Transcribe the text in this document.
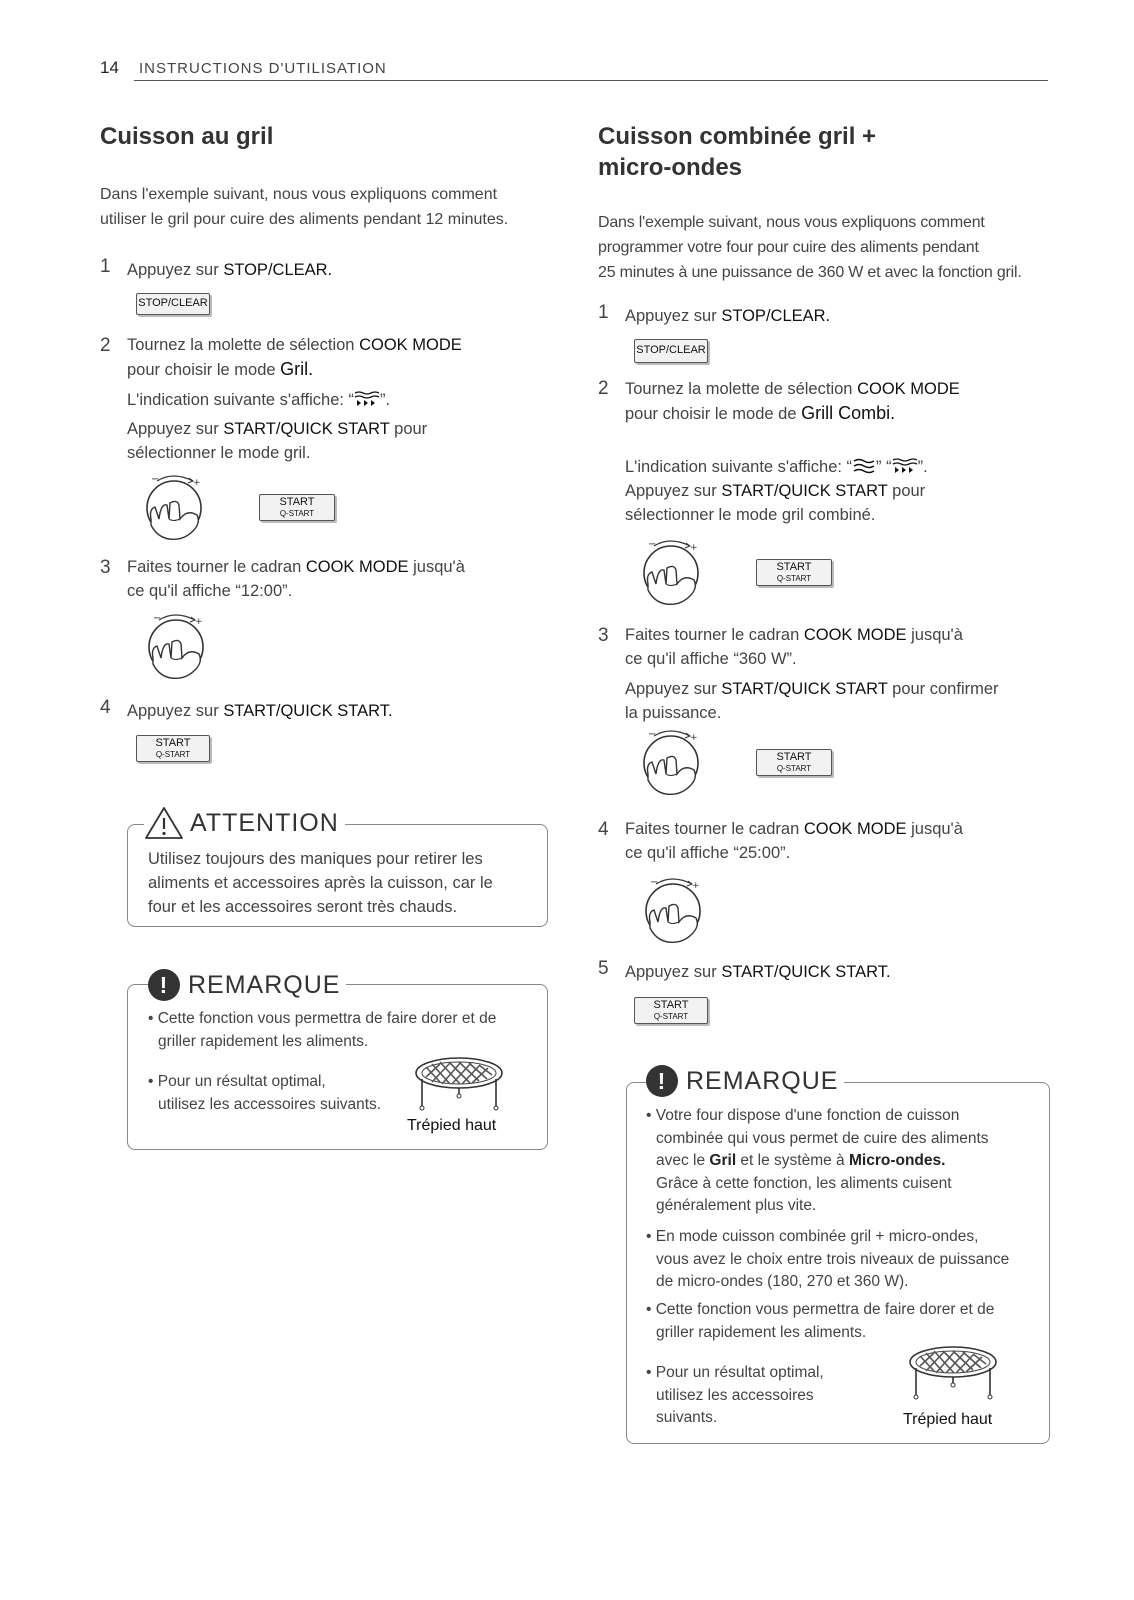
14 INSTRUCTIONS D'UTILISATION
Cuisson au gril
Dans l'exemple suivant, nous vous expliquons comment
utiliser le gril pour cuire des aliments pendant 12 minutes.
1 Appuyez sur STOP/CLEAR.
STOP/CLEAR
2 Tournez la molette de sélection COOK MODE
pour choisir le mode Gril.
L'indication suivante s'affiche: “ ”.
Appuyez sur START/QUICK START pour
sélectionner le mode gril.
START
Q-START
3 Faites tourner le cadran COOK MODE jusqu'à
ce qu'il affiche “12:00”.
4 Appuyez sur START/QUICK START.
START
Q-START
ATTENTION
Utilisez toujours des maniques pour retirer les
aliments et accessoires après la cuisson, car le
four et les accessoires seront très chauds.
! REMARQUE
• Cette fonction vous permettra de faire dorer et de
griller rapidement les aliments.
• Pour un résultat optimal,
utilisez les accessoires suivants.
Trépied haut
Cuisson combinée gril +
micro-ondes
Dans l'exemple suivant, nous vous expliquons comment
programmer votre four pour cuire des aliments pendant
25 minutes à une puissance de 360 W et avec la fonction gril.
1 Appuyez sur STOP/CLEAR.
STOP/CLEAR
2 Tournez la molette de sélection COOK MODE
pour choisir le mode de Grill Combi.
L'indication suivante s'affiche: “ ” “ ”.
Appuyez sur START/QUICK START pour
sélectionner le mode gril combiné.
START
Q-START
3 Faites tourner le cadran COOK MODE jusqu'à
ce qu'il affiche “360 W”.
Appuyez sur START/QUICK START pour confirmer
la puissance.
START
Q-START
4 Faites tourner le cadran COOK MODE jusqu'à
ce qu'il affiche “25:00”.
5 Appuyez sur START/QUICK START.
START
Q-START
! REMARQUE
• Votre four dispose d'une fonction de cuisson
combinée qui vous permet de cuire des aliments
avec le Gril et le système à Micro-ondes.
Grâce à cette fonction, les aliments cuisent
généralement plus vite.
• En mode cuisson combinée gril + micro-ondes,
vous avez le choix entre trois niveaux de puissance
de micro-ondes (180, 270 et 360 W).
• Cette fonction vous permettra de faire dorer et de
griller rapidement les aliments.
• Pour un résultat optimal,
utilisez les accessoires
suivants.	Trépied haut
